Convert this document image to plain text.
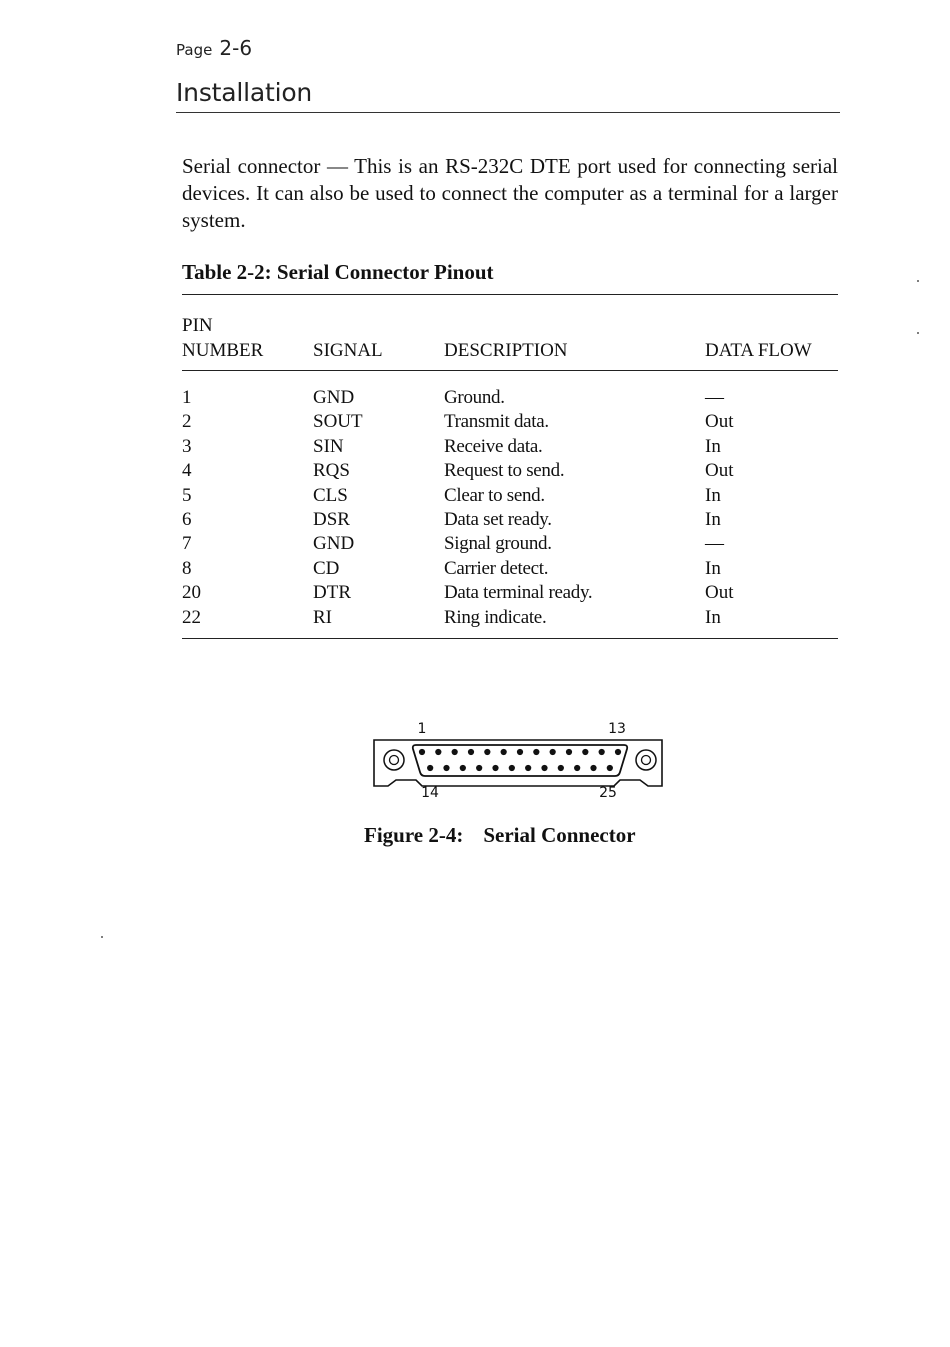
Page 2-6
Installation
Serial connector — This is an RS-232C DTE port used for connecting serial devices. It can also be used to connect the computer as a terminal for a larger system.
Table 2-2: Serial Connector Pinout
PIN
NUMBER	SIGNAL	DESCRIPTION	DATA FLOW
1	GND	Ground.	—
2	SOUT	Transmit data.	Out
3	SIN	Receive data.	In
4	RQS	Request to send.	Out
5	CLS	Clear to send.	In
6	DSR	Data set ready.	In
7	GND	Signal ground.	—
8	CD	Carrier detect.	In
20	DTR	Data terminal ready.	Out
22	RI	Ring indicate.	In
1	13
14	25
Figure 2-4: Serial Connector
